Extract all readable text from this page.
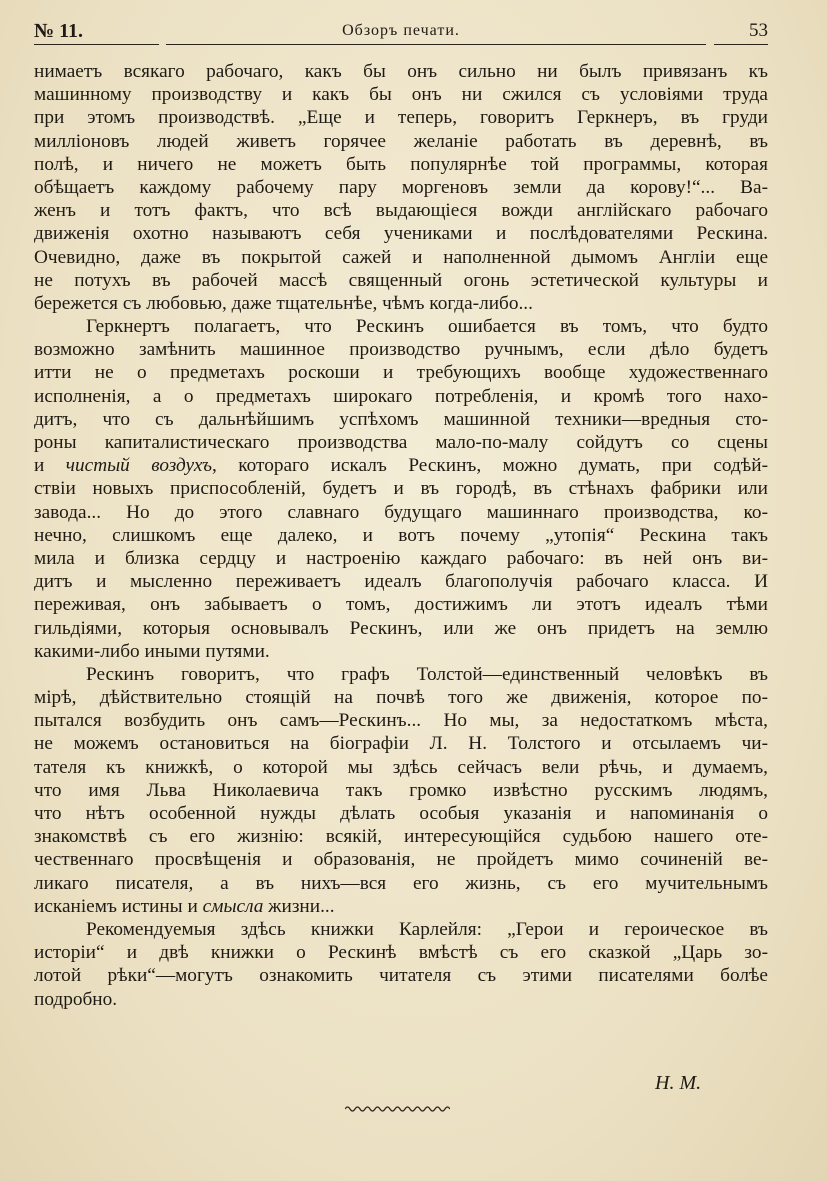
№ 11.	Обзоръ печати.	53
нимаетъ всякаго рабочаго, какъ бы онъ сильно ни былъ привязанъ къ
машинному производству и какъ бы онъ ни сжился съ условіями труда
при этомъ производствѣ. „Еще и теперь, говоритъ Геркнеръ, въ груди
милліоновъ людей живетъ горячее желаніе работать въ деревнѣ, въ
полѣ, и ничего не можетъ быть популярнѣе той программы, которая
обѣщаетъ каждому рабочему пару моргеновъ земли да корову!“... Ва-
женъ и тотъ фактъ, что всѣ выдающіеся вожди англійскаго рабочаго
движенія охотно называютъ себя учениками и послѣдователями Рескина.
Очевидно, даже въ покрытой сажей и наполненной дымомъ Англіи еще
не потухъ въ рабочей массѣ священный огонь эстетической культуры и
бережется съ любовью, даже тщательнѣе, чѣмъ когда-либо...
Геркнертъ полагаетъ, что Рескинъ ошибается въ томъ, что будто
возможно замѣнить машинное производство ручнымъ, если дѣло будетъ
итти не о предметахъ роскоши и требующихъ вообще художественнаго
исполненія, а о предметахъ широкаго потребленія, и кромѣ того нахо-
дитъ, что съ дальнѣйшимъ успѣхомъ машинной техники—вредныя сто-
роны капиталистическаго производства мало-по-малу сойдутъ со сцены
и чистый воздухъ, котораго искалъ Рескинъ, можно думать, при содѣй-
ствіи новыхъ приспособленій, будетъ и въ городѣ, въ стѣнахъ фабрики или
завода... Но до этого славнаго будущаго машиннаго производства, ко-
нечно, слишкомъ еще далеко, и вотъ почему „утопія“ Рескина такъ
мила и близка сердцу и настроенію каждаго рабочаго: въ ней онъ ви-
дитъ и мысленно переживаетъ идеалъ благополучія рабочаго класса. И
переживая, онъ забываетъ о томъ, достижимъ ли этотъ идеалъ тѣми
гильдіями, которыя основывалъ Рескинъ, или же онъ придетъ на землю
какими-либо иными путями.
Рескинъ говоритъ, что графъ Толстой—единственный человѣкъ въ
мірѣ, дѣйствительно стоящій на почвѣ того же движенія, которое по-
пытался возбудить онъ самъ—Рескинъ... Но мы, за недостаткомъ мѣста,
не можемъ остановиться на біографіи Л. Н. Толстого и отсылаемъ чи-
тателя къ книжкѣ, о которой мы здѣсь сейчасъ вели рѣчь, и думаемъ,
что имя Льва Николаевича такъ громко извѣстно русскимъ людямъ,
что нѣтъ особенной нужды дѣлать особыя указанія и напоминанія о
знакомствѣ съ его жизнію: всякій, интересующійся судьбою нашего оте-
чественнаго просвѣщенія и образованія, не пройдетъ мимо сочиненій ве-
ликаго писателя, а въ нихъ—вся его жизнь, съ его мучительнымъ
исканіемъ истины и смысла жизни...
Рекомендуемыя здѣсь книжки Карлейля: „Герои и героическое въ
исторіи“ и двѣ книжки о Рескинѣ вмѣстѣ съ его сказкой „Царь зо-
лотой рѣки“—могутъ ознакомить читателя съ этими писателями болѣе
подробно.
Н. М.
